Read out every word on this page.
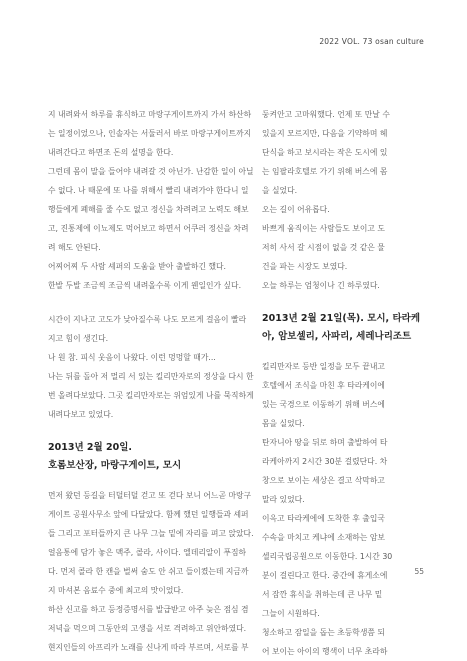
2022 VOL. 73 osan culture

지 내려와서 하루를 휴식하고 마랑구게이트까지 가서 하산하

는 일정이었으나, 인솔자는 서둘러서 바로 마랑구게이트까지

내려간다고 하면조 돈의 설명을 한다.

그런데 몸이 말을 들어야 내려갈 것 아닌가. 난감한 일이 아닐

수 없다. 나 때문에 또 나를 위해서 빨리 내려가야 한다니 일

행들에게 폐해를 줄 수도 없고 정신을 차려려고 노력도 해보

고, 진통제에 이뇨제도 먹어보고 하면서 어쿠러 정신을 차려

려 해도 안된다.

어찌어찌 두 사람 셰퍼의 도움을 받아 출발하긴 했다.

한발 두발 조금씩 조금씩 내려올수록 이게 웬일인가 싶다.

시간이 지나고 고도가 낮아질수록 나도 모르게 걸음이 빨라

지고 힘이 생긴다.

나 원 참. 피식 웃음이 나왔다. 이런 멍멍할 때가...

나는 뒤를 돌아 저 멀리 서 있는 킬리만자로의 정상을 다시 한

번 올려다보았다. 그곳 킬리만자로는 위엄있게 나를 묵직하게

내려다보고 있었다.

2013년 2월 20일.

호롬보산장, 마랑구게이트, 모시

먼저 왔던 등길을 터덜터덜 걷고 또 걷다 보니 어느곧 마랑구

게이트 공원사무소 앞에 다달았다. 함께 했던 일행들과 셰퍼

들 그리고 포터들까지 큰 나무 그늘 밑에 자리를 펴고 앉았다.

얼음통에 담가 놓은 맥주, 콜라, 사이다. 엘데리알이 푸짐하

다. 먼저 콜라 한 캔을 벌써 숨도 안 쉬고 들이켰는데 지금까

지 마셔본 음료수 중에 최고의 맛이었다.

하산 신고를 하고 등정증명서를 발급받고 아주 늦은 점심 겸

저녁을 먹으며 그동안의 고생을 서로 격려하고 위안하였다.

현지인들의 아프리카 노래를 신나게 따라 부르며, 서로를 부

둥켜안고 고마워했다. 언제 또 만날 수

있을지 모르지만, 다음을 기약하며 헤

단식을 하고 보시라는 작은 도시에 있

는 임팔라호텔로 가기 위해 버스에 몸

을 실었다.

오는 길이 어유롭다.

바쁘게 움직이는 사람들도 보이고 도

저히 사서 갈 시점이 없을 것 같은 물

건을 파는 시장도 보였다.

오늘 하루는 엄청이나 긴 하루였다.

2013년 2월 21일(목). 모시, 타라케

아, 암보셀리, 사파리, 세레나리조트

킬리만자로 등반 일정을 모두 끝내고

호텔에서 조식을 마친 후 타라케이에

있는 국경으로 이동하기 위해 버스에

몸을 실었다.

탄자니아 땅을 뒤로 하며 출발하여 타

라케아까지 2시간 30분 걸렸단다. 차

창으로 보이는 세상은 결고 삭막하고

말라 있었다.

이윽고 타라케에에 도착한 후 출입국

수속을 마치고 케냐에 소재하는 암보

셀리국립공원으로 이동한다. 1시간 30

분이 걸린다고 한다. 중간에 휴게소에

서 잠깐 휴식을 취하는데 큰 나무 밑

그늘이 시원하다.

청소하고 잠일을 돕는 초등학생쯤 되

어 보이는 아이의 행색이 너무 초라하

55
